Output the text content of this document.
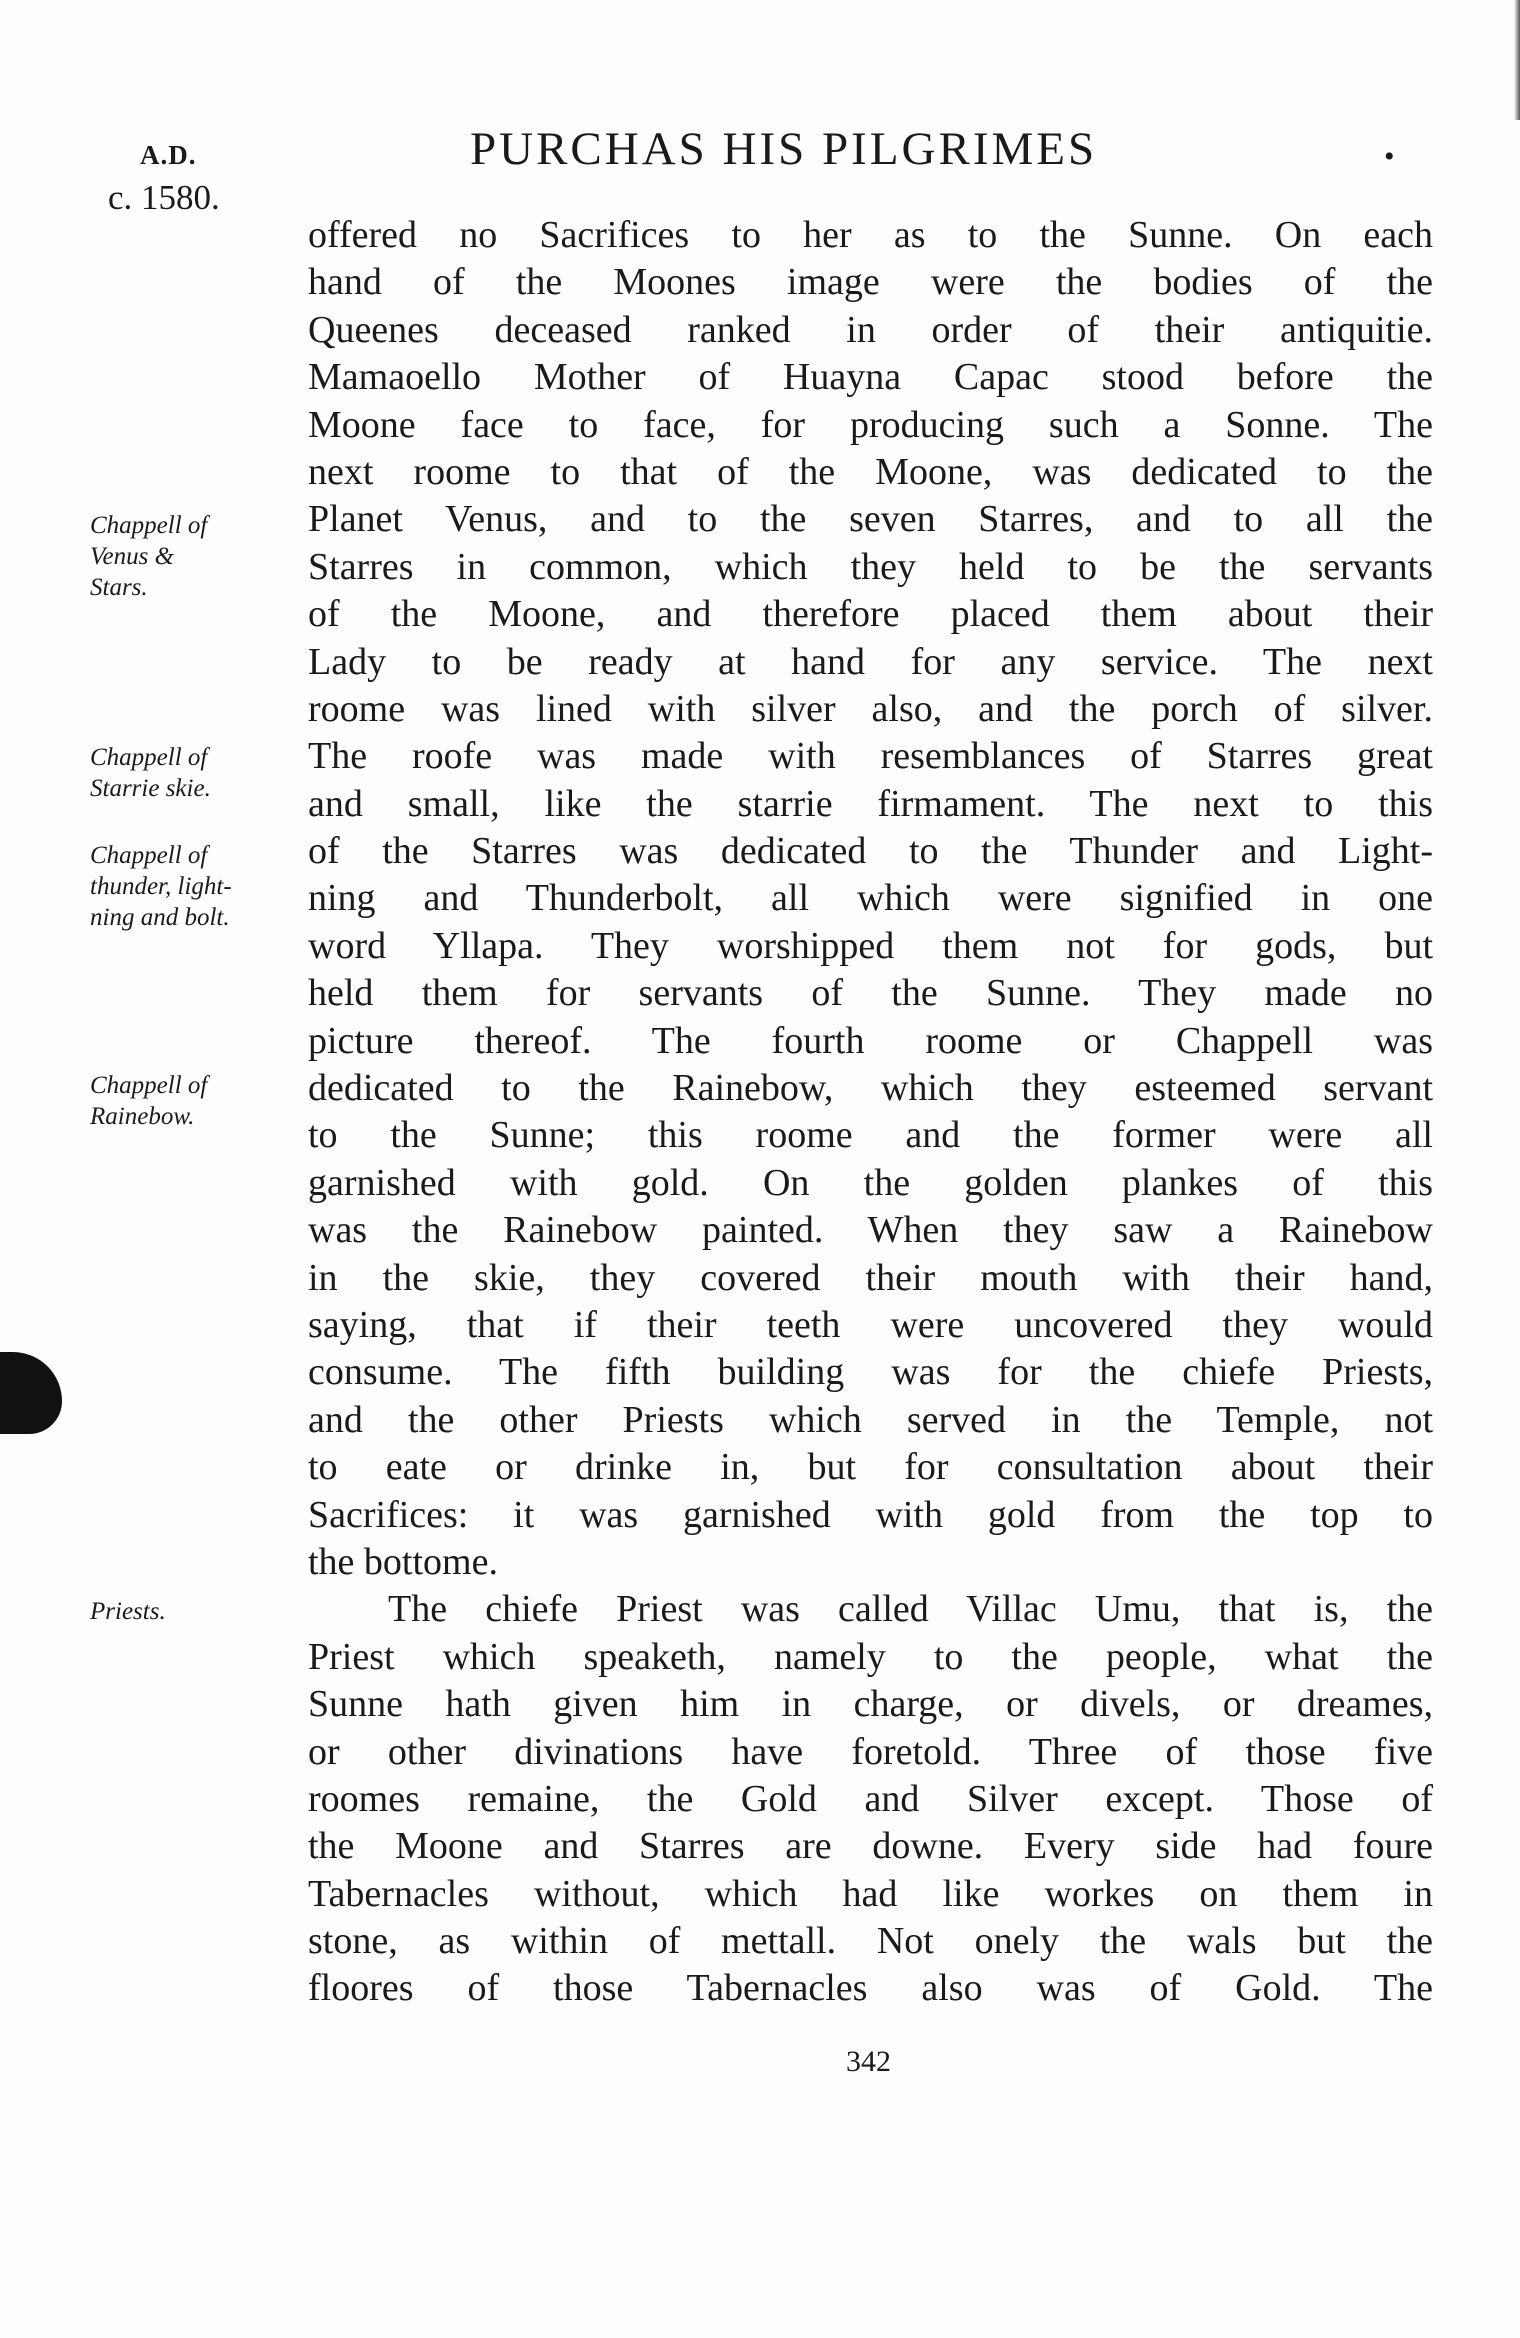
A.D.
c. 1580.
PURCHAS HIS PILGRIMES	•
Chappell of
Venus &
Stars.
Chappell of
Starrie skie.
Chappell of
thunder, light-
ning and bolt.
Chappell of
Rainebow.
Priests.
offered no Sacrifices to her as to the Sunne. On each
hand of the Moones image were the bodies of the
Queenes deceased ranked in order of their antiquitie.
Mamaoello Mother of Huayna Capac stood before the
Moone face to face, for producing such a Sonne. The
next roome to that of the Moone, was dedicated to the
Planet Venus, and to the seven Starres, and to all the
Starres in common, which they held to be the servants
of the Moone, and therefore placed them about their
Lady to be ready at hand for any service. The next
roome was lined with silver also, and the porch of silver.
The roofe was made with resemblances of Starres great
and small, like the starrie firmament. The next to this
of the Starres was dedicated to the Thunder and Light-
ning and Thunderbolt, all which were signified in one
word Yllapa. They worshipped them not for gods, but
held them for servants of the Sunne. They made no
picture thereof. The fourth roome or Chappell was
dedicated to the Rainebow, which they esteemed servant
to the Sunne; this roome and the former were all
garnished with gold. On the golden plankes of this
was the Rainebow painted. When they saw a Rainebow
in the skie, they covered their mouth with their hand,
saying, that if their teeth were uncovered they would
consume. The fifth building was for the chiefe Priests,
and the other Priests which served in the Temple, not
to eate or drinke in, but for consultation about their
Sacrifices: it was garnished with gold from the top to
the bottome.
The chiefe Priest was called Villac Umu, that is, the
Priest which speaketh, namely to the people, what the
Sunne hath given him in charge, or divels, or dreames,
or other divinations have foretold. Three of those five
roomes remaine, the Gold and Silver except. Those of
the Moone and Starres are downe. Every side had foure
Tabernacles without, which had like workes on them in
stone, as within of mettall. Not onely the wals but the
floores of those Tabernacles also was of Gold. The
342
